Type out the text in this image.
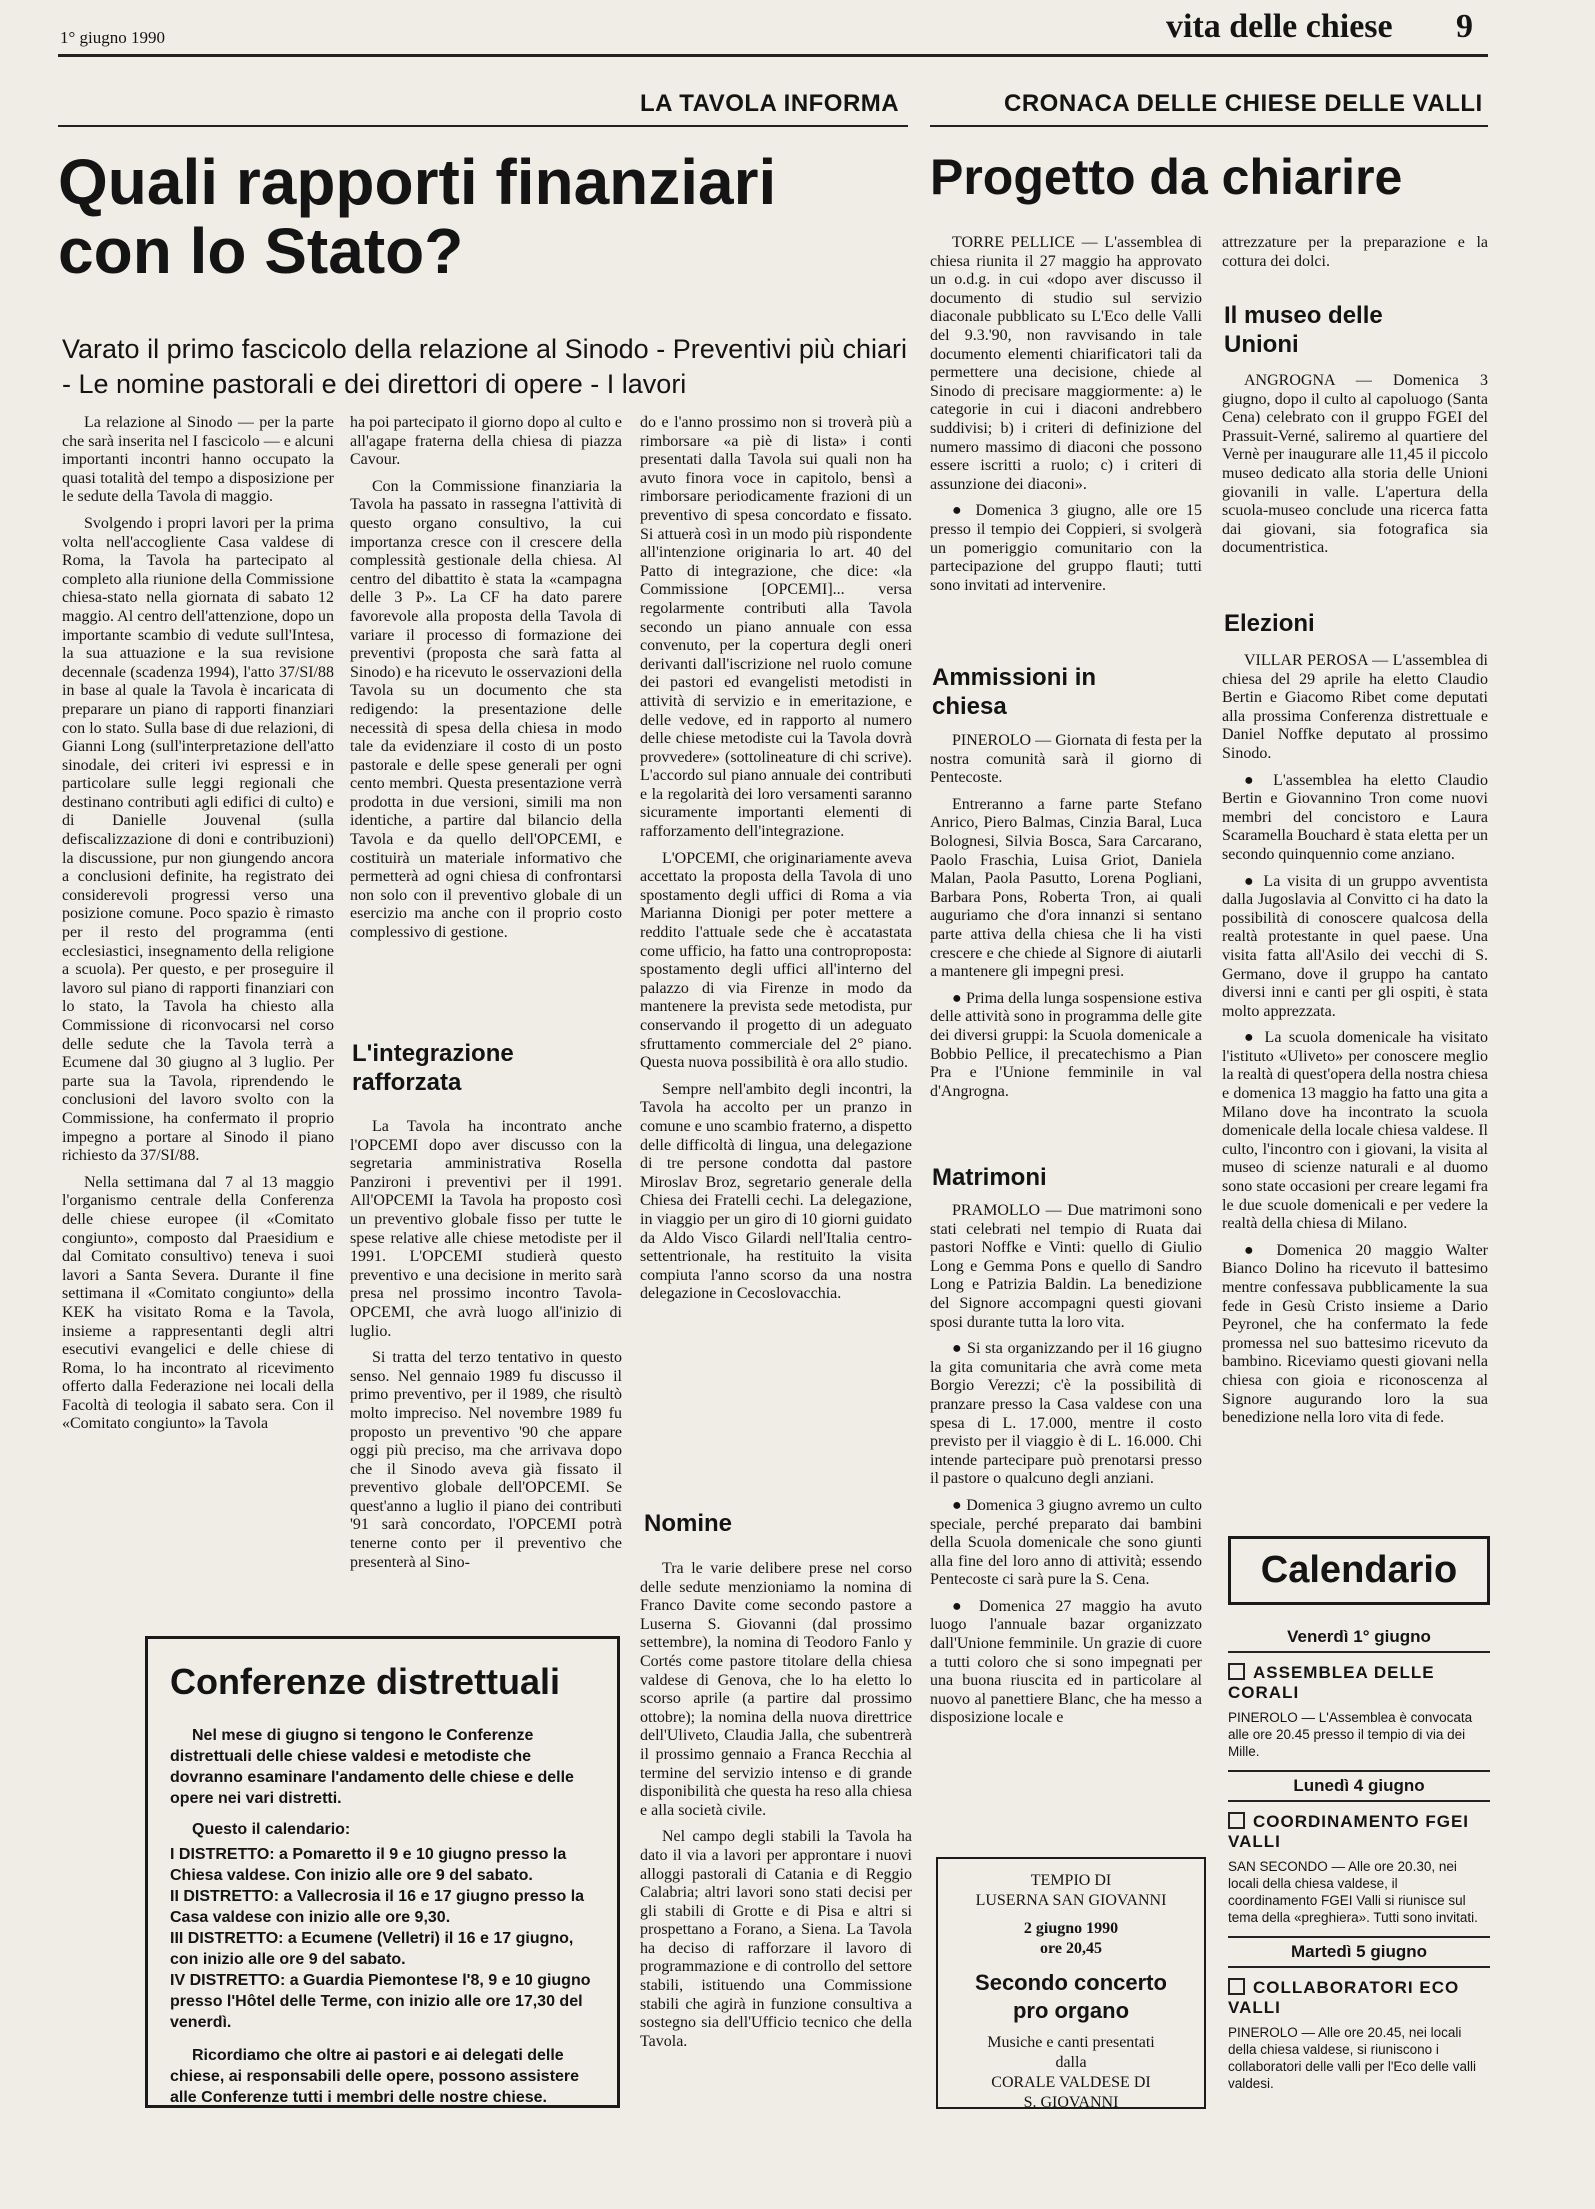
1° giugno 1990	vita delle chiese 9
LA TAVOLA INFORMA	CRONACA DELLE CHIESE DELLE VALLI
Quali rapporti finanziari
con lo Stato?
Varato il primo fascicolo della relazione al Sinodo - Preventivi più chiari - Le nomine pastorali e dei direttori di opere - I lavori

La relazione al Sinodo — per la parte che sarà inserita nel I fascicolo — e alcuni importanti incontri hanno occupato la quasi totalità del tempo a disposizione per le sedute della Tavola di maggio.

Svolgendo i propri lavori per la prima volta nell'accogliente Casa valdese di Roma, la Tavola ha partecipato al completo alla riunione della Commissione chiesa-stato nella giornata di sabato 12 maggio. Al centro dell'attenzione, dopo un importante scambio di vedute sull'Intesa, la sua attuazione e la sua revisione decennale (scadenza 1994), l'atto 37/SI/88 in base al quale la Tavola è incaricata di preparare un piano di rapporti finanziari con lo stato. Sulla base di due relazioni, di Gianni Long (sull'interpretazione dell'atto sinodale, dei criteri ivi espressi e in particolare sulle leggi regionali che destinano contributi agli edifici di culto) e di Danielle Jouvenal (sulla defiscalizzazione di doni e contribuzioni) la discussione, pur non giungendo ancora a conclusioni definite, ha registrato dei considerevoli progressi verso una posizione comune. Poco spazio è rimasto per il resto del programma (enti ecclesiastici, insegnamento della religione a scuola). Per questo, e per proseguire il lavoro sul piano di rapporti finanziari con lo stato, la Tavola ha chiesto alla Commissione di riconvocarsi nel corso delle sedute che la Tavola terrà a Ecumene dal 30 giugno al 3 luglio. Per parte sua la Tavola, riprendendo le conclusioni del lavoro svolto con la Commissione, ha confermato il proprio impegno a portare al Sinodo il piano richiesto da 37/SI/88.

Nella settimana dal 7 al 13 maggio l'organismo centrale della Conferenza delle chiese europee (il «Comitato congiunto», composto dal Praesidium e dal Comitato consultivo) teneva i suoi lavori a Santa Severa. Durante il fine settimana il «Comitato congiunto» della KEK ha visitato Roma e la Tavola, insieme a rappresentanti degli altri esecutivi evangelici e delle chiese di Roma, lo ha incontrato al ricevimento offerto dalla Federazione nei locali della Facoltà di teologia il sabato sera. Con il «Comitato congiunto» la Tavola

ha poi partecipato il giorno dopo al culto e all'agape fraterna della chiesa di piazza Cavour.

Con la Commissione finanziaria la Tavola ha passato in rassegna l'attività di questo organo consultivo, la cui importanza cresce con il crescere della complessità gestionale della chiesa. Al centro del dibattito è stata la «campagna delle 3 P». La CF ha dato parere favorevole alla proposta della Tavola di variare il processo di formazione dei preventivi (proposta che sarà fatta al Sinodo) e ha ricevuto le osservazioni della Tavola su un documento che sta redigendo: la presentazione delle necessità di spesa della chiesa in modo tale da evidenziare il costo di un posto pastorale e delle spese generali per ogni cento membri. Questa presentazione verrà prodotta in due versioni, simili ma non identiche, a partire dal bilancio della Tavola e da quello dell'OPCEMI, e costituirà un materiale informativo che permetterà ad ogni chiesa di confrontarsi non solo con il preventivo globale di un esercizio ma anche con il proprio costo complessivo di gestione.

L'integrazione rafforzata

La Tavola ha incontrato anche l'OPCEMI dopo aver discusso con la segretaria amministrativa Rosella Panzironi i preventivi per il 1991. All'OPCEMI la Tavola ha proposto così un preventivo globale fisso per tutte le spese relative alle chiese metodiste per il 1991. L'OPCEMI studierà questo preventivo e una decisione in merito sarà presa nel prossimo incontro Tavola-OPCEMI, che avrà luogo all'inizio di luglio.

Si tratta del terzo tentativo in questo senso. Nel gennaio 1989 fu discusso il primo preventivo, per il 1989, che risultò molto impreciso. Nel novembre 1989 fu proposto un preventivo '90 che appare oggi più preciso, ma che arrivava dopo che il Sinodo aveva già fissato il preventivo globale dell'OPCEMI. Se quest'anno a luglio il piano dei contributi '91 sarà concordato, l'OPCEMI potrà tenerne conto per il preventivo che presenterà al Sino-

do e l'anno prossimo non si troverà più a rimborsare «a piè di lista» i conti presentati dalla Tavola sui quali non ha avuto finora voce in capitolo, bensì a rimborsare periodicamente frazioni di un preventivo di spesa concordato e fissato. Si attuerà così in un modo più rispondente all'intenzione originaria lo art. 40 del Patto di integrazione, che dice: «la Commissione [OPCEMI]... versa regolarmente contributi alla Tavola secondo un piano annuale con essa convenuto, per la copertura degli oneri derivanti dall'iscrizione nel ruolo comune dei pastori ed evangelisti metodisti in attività di servizio e in emeritazione, e delle vedove, ed in rapporto al numero delle chiese metodiste cui la Tavola dovrà provvedere» (sottolineature di chi scrive). L'accordo sul piano annuale dei contributi e la regolarità dei loro versamenti saranno sicuramente importanti elementi di rafforzamento dell'integrazione.

L'OPCEMI, che originariamente aveva accettato la proposta della Tavola di uno spostamento degli uffici di Roma a via Marianna Dionigi per poter mettere a reddito l'attuale sede che è accatastata come ufficio, ha fatto una controproposta: spostamento degli uffici all'interno del palazzo di via Firenze in modo da mantenere la prevista sede metodista, pur conservando il progetto di un adeguato sfruttamento commerciale del 2° piano. Questa nuova possibilità è ora allo studio.

Sempre nell'ambito degli incontri, la Tavola ha accolto per un pranzo in comune e uno scambio fraterno, a dispetto delle difficoltà di lingua, una delegazione di tre persone condotta dal pastore Miroslav Broz, segretario generale della Chiesa dei Fratelli cechi. La delegazione, in viaggio per un giro di 10 giorni guidato da Aldo Visco Gilardi nell'Italia centro-settentrionale, ha restituito la visita compiuta l'anno scorso da una nostra delegazione in Cecoslovacchia.

Nomine

Tra le varie delibere prese nel corso delle sedute menzioniamo la nomina di Franco Davite come secondo pastore a Luserna S. Giovanni (dal prossimo settembre), la nomina di Teodoro Fanlo y Cortés come pastore titolare della chiesa valdese di Genova, che lo ha eletto lo scorso aprile (a partire dal prossimo ottobre); la nomina della nuova direttrice dell'Uliveto, Claudia Jalla, che subentrerà il prossimo gennaio a Franca Recchia al termine del servizio intenso e di grande disponibilità che questa ha reso alla chiesa e alla società civile.

Nel campo degli stabili la Tavola ha dato il via a lavori per approntare i nuovi alloggi pastorali di Catania e di Reggio Calabria; altri lavori sono stati decisi per gli stabili di Grotte e di Pisa e altri si prospettano a Forano, a Siena. La Tavola ha deciso di rafforzare il lavoro di programmazione e di controllo del settore stabili, istituendo una Commissione stabili che agirà in funzione consultiva a sostegno sia dell'Ufficio tecnico che della Tavola.

Conferenze distrettuali

Nel mese di giugno si tengono le Conferenze distrettuali delle chiese valdesi e metodiste che dovranno esaminare l'andamento delle chiese e delle opere nei vari distretti.

Questo il calendario:

I DISTRETTO: a Pomaretto il 9 e 10 giugno presso la Chiesa valdese. Con inizio alle ore 9 del sabato.
II DISTRETTO: a Vallecrosia il 16 e 17 giugno presso la Casa valdese con inizio alle ore 9,30.
III DISTRETTO: a Ecumene (Velletri) il 16 e 17 giugno, con inizio alle ore 9 del sabato.
IV DISTRETTO: a Guardia Piemontese l'8, 9 e 10 giugno presso l'Hôtel delle Terme, con inizio alle ore 17,30 del venerdì.

Ricordiamo che oltre ai pastori e ai delegati delle chiese, ai responsabili delle opere, possono assistere alle Conferenze tutti i membri delle nostre chiese.

Progetto da chiarire

TORRE PELLICE — L'assemblea di chiesa riunita il 27 maggio ha approvato un o.d.g. in cui «dopo aver discusso il documento di studio sul servizio diaconale pubblicato su L'Eco delle Valli del 9.3.'90, non ravvisando in tale documento elementi chiarificatori tali da permettere una decisione, chiede al Sinodo di precisare maggiormente: a) le categorie in cui i diaconi andrebbero suddivisi; b) i criteri di definizione del numero massimo di diaconi che possono essere iscritti a ruolo; c) i criteri di assunzione dei diaconi».

● Domenica 3 giugno, alle ore 15 presso il tempio dei Coppieri, si svolgerà un pomeriggio comunitario con la partecipazione del gruppo flauti; tutti sono invitati ad intervenire.

Ammissioni in chiesa

PINEROLO — Giornata di festa per la nostra comunità sarà il giorno di Pentecoste.

Entreranno a farne parte Stefano Anrico, Piero Balmas, Cinzia Baral, Luca Bolognesi, Silvia Bosca, Sara Carcarano, Paolo Fraschia, Luisa Griot, Daniela Malan, Paola Pasutto, Lorena Pogliani, Barbara Pons, Roberta Tron, ai quali auguriamo che d'ora innanzi si sentano parte attiva della chiesa che li ha visti crescere e che chiede al Signore di aiutarli a mantenere gli impegni presi.

● Prima della lunga sospensione estiva delle attività sono in programma delle gite dei diversi gruppi: la Scuola domenicale a Bobbio Pellice, il precatechismo a Pian Pra e l'Unione femminile in val d'Angrogna.

Matrimoni

PRAMOLLO — Due matrimoni sono stati celebrati nel tempio di Ruata dai pastori Noffke e Vinti: quello di Giulio Long e Gemma Pons e quello di Sandro Long e Patrizia Baldin. La benedizione del Signore accompagni questi giovani sposi durante tutta la loro vita.

● Si sta organizzando per il 16 giugno la gita comunitaria che avrà come meta Borgio Verezzi; c'è la possibilità di pranzare presso la Casa valdese con una spesa di L. 17.000, mentre il costo previsto per il viaggio è di L. 16.000. Chi intende partecipare può prenotarsi presso il pastore o qualcuno degli anziani.

● Domenica 3 giugno avremo un culto speciale, perché preparato dai bambini della Scuola domenicale che sono giunti alla fine del loro anno di attività; essendo Pentecoste ci sarà pure la S. Cena.

● Domenica 27 maggio ha avuto luogo l'annuale bazar organizzato dall'Unione femminile. Un grazie di cuore a tutti coloro che si sono impegnati per una buona riuscita ed in particolare al nuovo al panettiere Blanc, che ha messo a disposizione locale e

TEMPIO DI
LUSERNA SAN GIOVANNI
2 giugno 1990
ore 20,45
Secondo concerto
pro organo
Musiche e canti presentati
dalla
CORALE VALDESE DI
S. GIOVANNI

attrezzature per la preparazione e la cottura dei dolci.

Il museo delle Unioni

ANGROGNA — Domenica 3 giugno, dopo il culto al capoluogo (Santa Cena) celebrato con il gruppo FGEI del Prassuit-Verné, saliremo al quartiere del Vernè per inaugurare alle 11,45 il piccolo museo dedicato alla storia delle Unioni giovanili in valle. L'apertura della scuola-museo conclude una ricerca fatta dai giovani, sia fotografica sia documentristica.

Elezioni

VILLAR PEROSA — L'assemblea di chiesa del 29 aprile ha eletto Claudio Bertin e Giacomo Ribet come deputati alla prossima Conferenza distrettuale e Daniel Noffke deputato al prossimo Sinodo.

● L'assemblea ha eletto Claudio Bertin e Giovannino Tron come nuovi membri del concistoro e Laura Scaramella Bouchard è stata eletta per un secondo quinquennio come anziano.

● La visita di un gruppo avventista dalla Jugoslavia al Convitto ci ha dato la possibilità di conoscere qualcosa della realtà protestante in quel paese. Una visita fatta all'Asilo dei vecchi di S. Germano, dove il gruppo ha cantato diversi inni e canti per gli ospiti, è stata molto apprezzata.

● La scuola domenicale ha visitato l'istituto «Uliveto» per conoscere meglio la realtà di quest'opera della nostra chiesa e domenica 13 maggio ha fatto una gita a Milano dove ha incontrato la scuola domenicale della locale chiesa valdese. Il culto, l'incontro con i giovani, la visita al museo di scienze naturali e al duomo sono state occasioni per creare legami fra le due scuole domenicali e per vedere la realtà della chiesa di Milano.

● Domenica 20 maggio Walter Bianco Dolino ha ricevuto il battesimo mentre confessava pubblicamente la sua fede in Gesù Cristo insieme a Dario Peyronel, che ha confermato la fede promessa nel suo battesimo ricevuto da bambino. Riceviamo questi giovani nella chiesa con gioia e riconoscenza al Signore augurando loro la sua benedizione nella loro vita di fede.

Calendario
Venerdì 1° giugno
ASSEMBLEA DELLE CORALI
PINEROLO — L'Assemblea è convocata alle ore 20.45 presso il tempio di via dei Mille.
Lunedì 4 giugno
COORDINAMENTO FGEI VALLI
SAN SECONDO — Alle ore 20.30, nei locali della chiesa valdese, il coordinamento FGEI Valli si riunisce sul tema della «preghiera». Tutti sono invitati.
Martedì 5 giugno
COLLABORATORI ECO VALLI
PINEROLO — Alle ore 20.45, nei locali della chiesa valdese, si riuniscono i collaboratori delle valli per l'Eco delle valli valdesi.
